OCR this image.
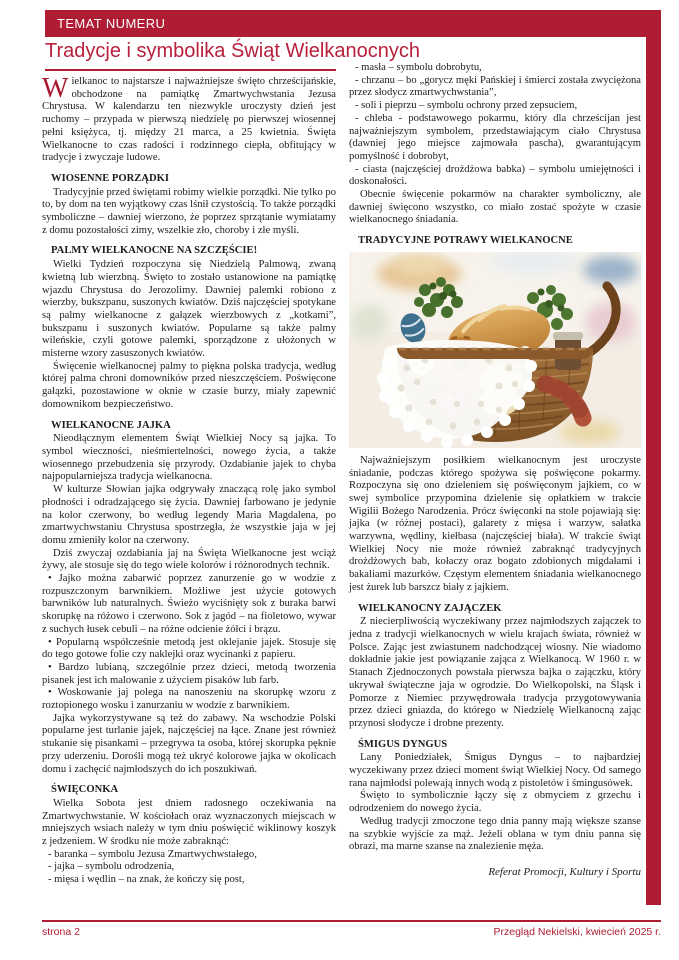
TEMAT NUMERU
Tradycje i symbolika Świąt Wielkanocnych

Wielkanoc to najstarsze i najważniejsze święto chrześcijańskie, obchodzone na pamiątkę Zmartwychwstania Jezusa Chrystusa. W kalendarzu ten niezwykle uroczysty dzień jest ruchomy – przypada w pierwszą niedzielę po pierwszej wiosennej pełni księżyca, tj. między 21 marca, a 25 kwietnia. Święta Wielkanocne to czas radości i rodzinnego ciepła, obfitujący w tradycje i zwyczaje ludowe.

WIOSENNE PORZĄDKI

Tradycyjnie przed świętami robimy wielkie porządki. Nie tylko po to, by dom na ten wyjątkowy czas lśnił czystością. To także porządki symboliczne – dawniej wierzono, że poprzez sprzątanie wymiatamy z domu pozostałości zimy, wszelkie zło, choroby i złe myśli.

PALMY WIELKANOCNE NA SZCZĘŚCIE!

Wielki Tydzień rozpoczyna się Niedzielą Palmową, zwaną kwietną lub wierzbną. Święto to zostało ustanowione na pamiątkę wjazdu Chrystusa do Jerozolimy. Dawniej palemki robiono z wierzby, bukszpanu, suszonych kwiatów. Dziś najczęściej spotykane są palmy wielkanocne z gałązek wierzbowych z „kotkami”, bukszpanu i suszonych kwiatów. Popularne są także palmy wileńskie, czyli gotowe palemki, sporządzone z ułożonych w misterne wzory zasuszonych kwiatów.

Święcenie wielkanocnej palmy to piękna polska tradycja, według której palma chroni domowników przed nieszczęściem. Poświęcone gałązki, pozostawione w oknie w czasie burzy, miały zapewnić domownikom bezpieczeństwo.

WIELKANOCNE JAJKA

Nieodłącznym elementem Świąt Wielkiej Nocy są jajka. To symbol wieczności, nieśmiertelności, nowego życia, a także wiosennego przebudzenia się przyrody. Ozdabianie jajek to chyba najpopularniejsza tradycja wielkanocna.

W kulturze Słowian jajka odgrywały znaczącą rolę jako symbol płodności i odradzającego się życia. Dawniej farbowano je jedynie na kolor czerwony, bo według legendy Maria Magdalena, po zmartwychwstaniu Chrystusa spostrzegła, że wszystkie jaja w jej domu zmieniły kolor na czerwony.

Dziś zwyczaj ozdabiania jaj na Święta Wielkanocne jest wciąż żywy, ale stosuje się do tego wiele kolorów i różnorodnych technik.

• Jajko można zabarwić poprzez zanurzenie go w wodzie z rozpuszczonym barwnikiem. Możliwe jest użycie gotowych barwników lub naturalnych. Świeżo wyciśnięty sok z buraka barwi skorupkę na różowo i czerwono. Sok z jagód – na fioletowo, wywar z suchych łusek cebuli – na różne odcienie żółci i brązu.

• Popularną współcześnie metodą jest oklejanie jajek. Stosuje się do tego gotowe folie czy naklejki oraz wycinanki z papieru.

• Bardzo lubianą, szczególnie przez dzieci, metodą tworzenia pisanek jest ich malowanie z użyciem pisaków lub farb.

• Woskowanie jaj polega na nanoszeniu na skorupkę wzoru z roztopionego wosku i zanurzaniu w wodzie z barwnikiem.

Jajka wykorzystywane są też do zabawy. Na wschodzie Polski popularne jest turlanie jajek, najczęściej na łące. Znane jest również stukanie się pisankami – przegrywa ta osoba, której skorupka pęknie przy uderzeniu. Dorośli mogą też ukryć kolorowe jajka w okolicach domu i zachęcić najmłodszych do ich poszukiwań.

ŚWIĘCONKA

Wielka Sobota jest dniem radosnego oczekiwania na Zmartwychwstanie. W kościołach oraz wyznaczonych miejscach w mniejszych wsiach należy w tym dniu poświęcić wiklinowy koszyk z jedzeniem. W środku nie może zabraknąć:

- baranka – symbolu Jezusa Zmartwychwstałego,

- jajka – symbolu odrodzenia,

- mięsa i wędlin – na znak, że kończy się post,

- masła – symbolu dobrobytu,

- chrzanu – bo „gorycz męki Pańskiej i śmierci została zwyciężona przez słodycz zmartwychwstania”,

- soli i pieprzu – symbolu ochrony przed zepsuciem,

- chleba - podstawowego pokarmu, który dla chrześcijan jest najważniejszym symbolem, przedstawiającym ciało Chrystusa (dawniej jego miejsce zajmowała pascha), gwarantującym pomyślność i dobrobyt,

- ciasta (najczęściej drożdżowa babka) – symbolu umiejętności i doskonałości.

Obecnie święcenie pokarmów na charakter symboliczny, ale dawniej święcono wszystko, co miało zostać spożyte w czasie wielkanocnego śniadania.

TRADYCYJNE POTRAWY WIELKANOCNE

Najważniejszym posiłkiem wielkanocnym jest uroczyste śniadanie, podczas którego spożywa się poświęcone pokarmy. Rozpoczyna się ono dzieleniem się poświęconym jajkiem, co w swej symbolice przypomina dzielenie się opłatkiem w trakcie Wigilii Bożego Narodzenia. Prócz święconki na stole pojawiają się: jajka (w różnej postaci), galarety z mięsa i warzyw, sałatka warzywna, wędliny, kiełbasa (najczęściej biała). W trakcie świąt Wielkiej Nocy nie może również zabraknąć tradycyjnych drożdżowych bab, kołaczy oraz bogato zdobionych migdałami i bakaliami mazurków. Częstym elementem śniadania wielkanocnego jest żurek lub barszcz biały z jajkiem.

WIELKANOCNY ZAJĄCZEK

Z niecierpliwością wyczekiwany przez najmłodszych zajączek to jedna z tradycji wielkanocnych w wielu krajach świata, również w Polsce. Zając jest zwiastunem nadchodzącej wiosny. Nie wiadomo dokładnie jakie jest powiązanie zająca z Wielkanocą. W 1960 r. w Stanach Zjednoczonych powstała pierwsza bajka o zajączku, który ukrywał świąteczne jaja w ogrodzie. Do Wielkopolski, na Śląsk i Pomorze z Niemiec przywędrowała tradycja przygotowywania przez dzieci gniazda, do którego w Niedzielę Wielkanocną zając przynosi słodycze i drobne prezenty.

ŚMIGUS DYNGUS

Lany Poniedziałek, Śmigus Dyngus – to najbardziej wyczekiwany przez dzieci moment świąt Wielkiej Nocy. Od samego rana najmłodsi polewają innych wodą z pistoletów i śmingusówek.

Święto to symbolicznie łączy się z obmyciem z grzechu i odrodzeniem do nowego życia.

Według tradycji zmoczone tego dnia panny mają większe szanse na szybkie wyjście za mąż. Jeżeli oblana w tym dniu panna się obrazi, ma marne szanse na znalezienie męża.

Referat Promocji, Kultury i Sportu
strona 2	Przegląd Nekielski, kwiecień 2025 r.
